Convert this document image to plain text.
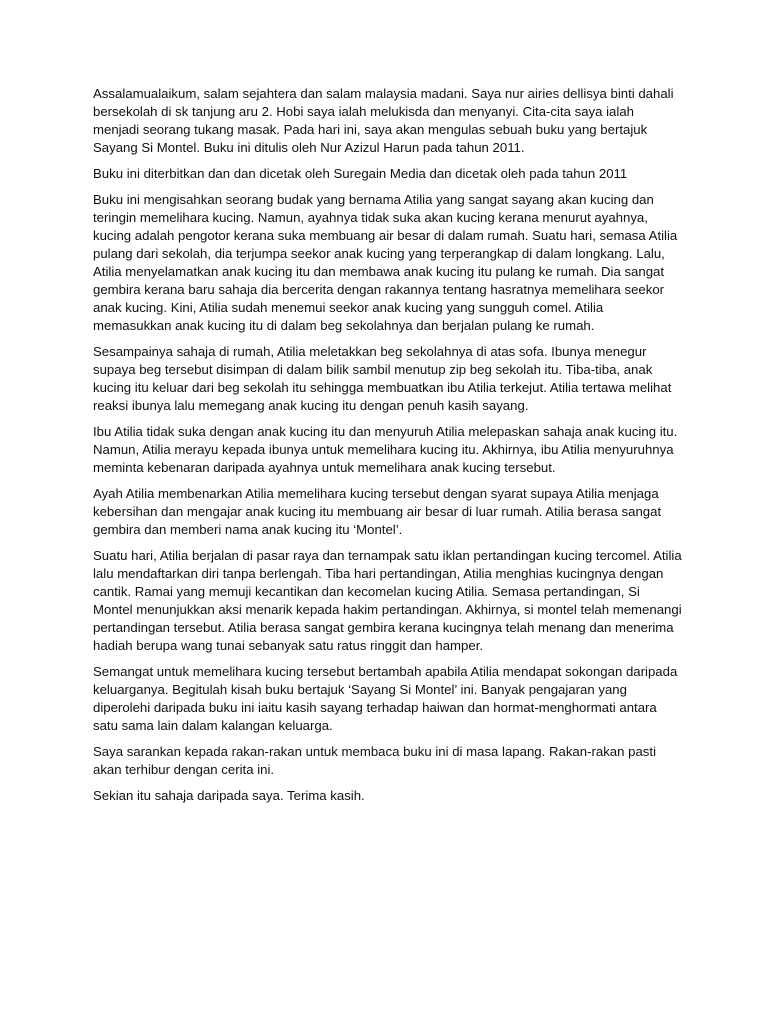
Assalamualaikum, salam sejahtera dan salam malaysia madani. Saya nur airies dellisya binti dahali bersekolah di sk tanjung aru 2. Hobi saya ialah melukisda dan menyanyi. Cita-cita saya ialah menjadi seorang tukang masak. Pada hari ini, saya akan mengulas sebuah buku yang bertajuk Sayang Si Montel. Buku ini ditulis oleh Nur Azizul Harun pada tahun 2011.

Buku ini diterbitkan dan dan dicetak oleh Suregain Media dan dicetak oleh pada tahun 2011

Buku ini mengisahkan seorang budak yang bernama Atilia yang sangat sayang akan kucing dan teringin memelihara kucing. Namun, ayahnya tidak suka akan kucing kerana menurut ayahnya, kucing adalah pengotor kerana suka membuang air besar di dalam rumah. Suatu hari, semasa Atilia pulang dari sekolah, dia terjumpa seekor anak kucing yang terperangkap di dalam longkang. Lalu, Atilia menyelamatkan anak kucing itu dan membawa anak kucing itu pulang ke rumah. Dia sangat gembira kerana baru sahaja dia bercerita dengan rakannya tentang hasratnya memelihara seekor anak kucing. Kini, Atilia sudah menemui seekor anak kucing yang sungguh comel. Atilia memasukkan anak kucing itu di dalam beg sekolahnya dan berjalan pulang ke rumah.

Sesampainya sahaja di rumah, Atilia meletakkan beg sekolahnya di atas sofa. Ibunya menegur supaya beg tersebut disimpan di dalam bilik sambil menutup zip beg sekolah itu. Tiba-tiba, anak kucing itu keluar dari beg sekolah itu sehingga membuatkan ibu Atilia terkejut. Atilia tertawa melihat reaksi ibunya lalu memegang anak kucing itu dengan penuh kasih sayang.

Ibu Atilia tidak suka dengan anak kucing itu dan menyuruh Atilia melepaskan sahaja anak kucing itu. Namun, Atilia merayu kepada ibunya untuk memelihara kucing itu. Akhirnya, ibu Atilia menyuruhnya meminta kebenaran daripada ayahnya untuk memelihara anak kucing tersebut.

Ayah Atilia membenarkan Atilia memelihara kucing tersebut dengan syarat supaya Atilia menjaga kebersihan dan mengajar anak kucing itu membuang air besar di luar rumah. Atilia berasa sangat gembira dan memberi nama anak kucing itu ‘Montel’.

Suatu hari, Atilia berjalan di pasar raya dan ternampak satu iklan pertandingan kucing tercomel. Atilia lalu mendaftarkan diri tanpa berlengah. Tiba hari pertandingan, Atilia menghias kucingnya dengan cantik. Ramai yang memuji kecantikan dan kecomelan kucing Atilia. Semasa pertandingan, Si Montel menunjukkan aksi menarik kepada hakim pertandingan. Akhirnya, si montel telah memenangi pertandingan tersebut. Atilia berasa sangat gembira kerana kucingnya telah menang dan menerima hadiah berupa wang tunai sebanyak satu ratus ringgit dan hamper.

Semangat untuk memelihara kucing tersebut bertambah apabila Atilia mendapat sokongan daripada keluarganya. Begitulah kisah buku bertajuk ‘Sayang Si Montel’ ini. Banyak pengajaran yang diperolehi daripada buku ini iaitu kasih sayang terhadap haiwan dan hormat-menghormati antara satu sama lain dalam kalangan keluarga.

Saya sarankan kepada rakan-rakan untuk membaca buku ini di masa lapang. Rakan-rakan pasti akan terhibur dengan cerita ini.

Sekian itu sahaja daripada saya. Terima kasih.
